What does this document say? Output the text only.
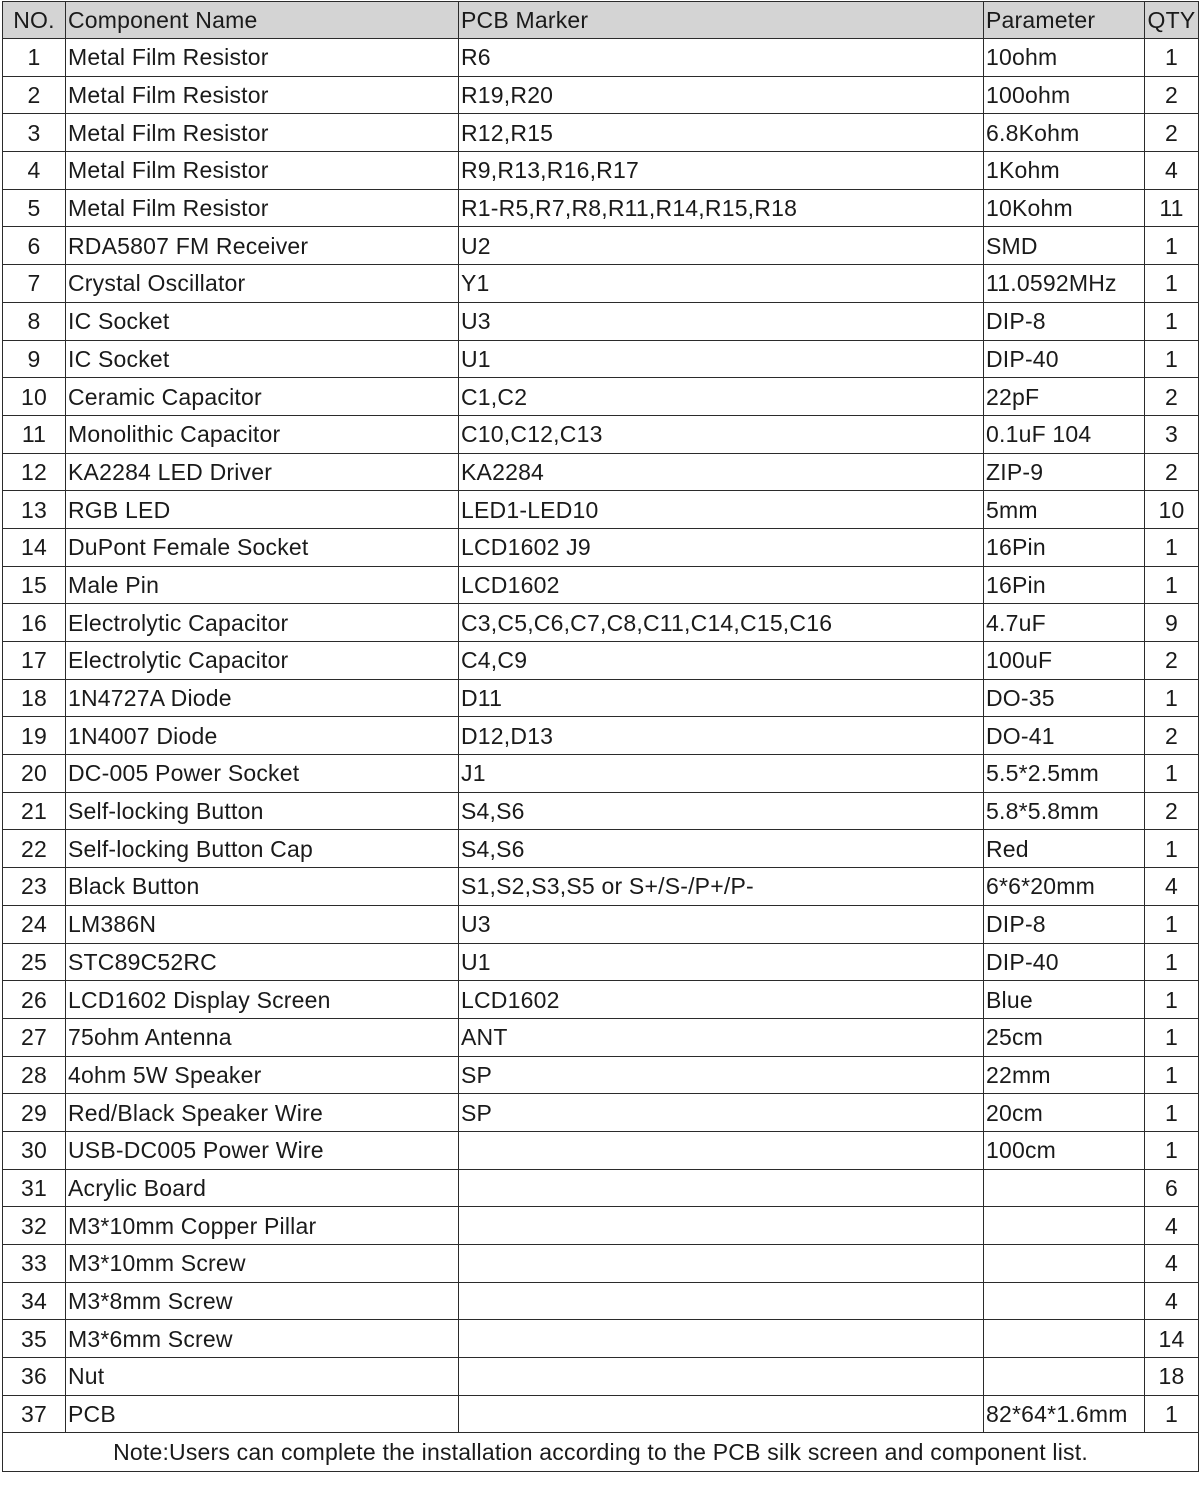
NO.	Component Name	PCB Marker	Parameter	QTY
1	Metal Film Resistor	R6	10ohm	1
2	Metal Film Resistor	R19,R20	100ohm	2
3	Metal Film Resistor	R12,R15	6.8Kohm	2
4	Metal Film Resistor	R9,R13,R16,R17	1Kohm	4
5	Metal Film Resistor	R1-R5,R7,R8,R11,R14,R15,R18	10Kohm	11
6	RDA5807 FM Receiver	U2	SMD	1
7	Crystal Oscillator	Y1	11.0592MHz	1
8	IC Socket	U3	DIP-8	1
9	IC Socket	U1	DIP-40	1
10	Ceramic Capacitor	C1,C2	22pF	2
11	Monolithic Capacitor	C10,C12,C13	0.1uF 104	3
12	KA2284 LED Driver	KA2284	ZIP-9	2
13	RGB LED	LED1-LED10	5mm	10
14	DuPont Female Socket	LCD1602 J9	16Pin	1
15	Male Pin	LCD1602	16Pin	1
16	Electrolytic Capacitor	C3,C5,C6,C7,C8,C11,C14,C15,C16	4.7uF	9
17	Electrolytic Capacitor	C4,C9	100uF	2
18	1N4727A Diode	D11	DO-35	1
19	1N4007 Diode	D12,D13	DO-41	2
20	DC-005 Power Socket	J1	5.5*2.5mm	1
21	Self-locking Button	S4,S6	5.8*5.8mm	2
22	Self-locking Button Cap	S4,S6	Red	1
23	Black Button	S1,S2,S3,S5 or S+/S-/P+/P-	6*6*20mm	4
24	LM386N	U3	DIP-8	1
25	STC89C52RC	U1	DIP-40	1
26	LCD1602 Display Screen	LCD1602	Blue	1
27	75ohm Antenna	ANT	25cm	1
28	4ohm 5W Speaker	SP	22mm	1
29	Red/Black Speaker Wire	SP	20cm	1
30	USB-DC005 Power Wire		100cm	1
31	Acrylic Board			6
32	M3*10mm Copper Pillar			4
33	M3*10mm Screw			4
34	M3*8mm Screw			4
35	M3*6mm Screw			14
36	Nut			18
37	PCB		82*64*1.6mm	1
Note:Users can complete the installation according to the PCB silk screen and component list.				
